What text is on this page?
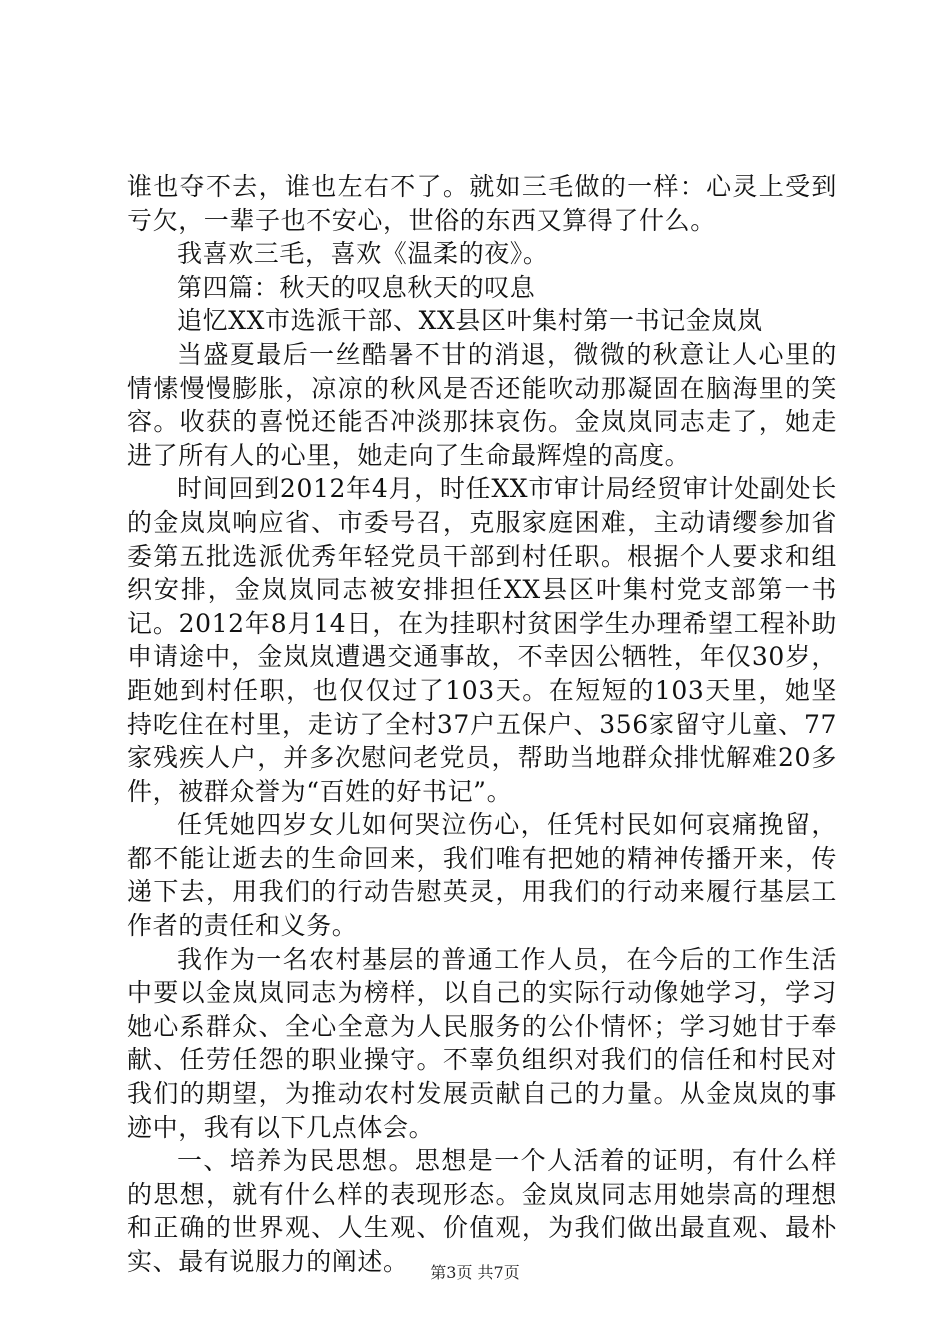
谁也夺不去，谁也左右不了。就如三毛做的一样：心灵上受到亏欠，一辈子也不安心，世俗的东西又算得了什么。

我喜欢三毛，喜欢《温柔的夜》。

第四篇：秋天的叹息秋天的叹息

追忆XX市选派干部、XX县区叶集村第一书记金岚岚

当盛夏最后一丝酷暑不甘的消退，微微的秋意让人心里的情愫慢慢膨胀，凉凉的秋风是否还能吹动那凝固在脑海里的笑容。收获的喜悦还能否冲淡那抹哀伤。金岚岚同志走了，她走进了所有人的心里，她走向了生命最辉煌的高度。

时间回到2012年4月，时任XX市审计局经贸审计处副处长的金岚岚响应省、市委号召，克服家庭困难，主动请缨参加省委第五批选派优秀年轻党员干部到村任职。根据个人要求和组织安排，金岚岚同志被安排担任XX县区叶集村党支部第一书记。2012年8月14日，在为挂职村贫困学生办理希望工程补助申请途中，金岚岚遭遇交通事故，不幸因公牺牲，年仅30岁，距她到村任职，也仅仅过了103天。在短短的103天里，她坚持吃住在村里，走访了全村37户五保户、356家留守儿童、77家残疾人户，并多次慰问老党员，帮助当地群众排忧解难20多件，被群众誉为“百姓的好书记”。

任凭她四岁女儿如何哭泣伤心，任凭村民如何哀痛挽留，都不能让逝去的生命回来，我们唯有把她的精神传播开来，传递下去，用我们的行动告慰英灵，用我们的行动来履行基层工作者的责任和义务。

我作为一名农村基层的普通工作人员，在今后的工作生活中要以金岚岚同志为榜样，以自己的实际行动像她学习，学习她心系群众、全心全意为人民服务的公仆情怀；学习她甘于奉献、任劳任怨的职业操守。不辜负组织对我们的信任和村民对我们的期望，为推动农村发展贡献自己的力量。从金岚岚的事迹中，我有以下几点体会。

一、培养为民思想。思想是一个人活着的证明，有什么样的思想，就有什么样的表现形态。金岚岚同志用她崇高的理想和正确的世界观、人生观、价值观，为我们做出最直观、最朴实、最有说服力的阐述。	第3页 共7页
